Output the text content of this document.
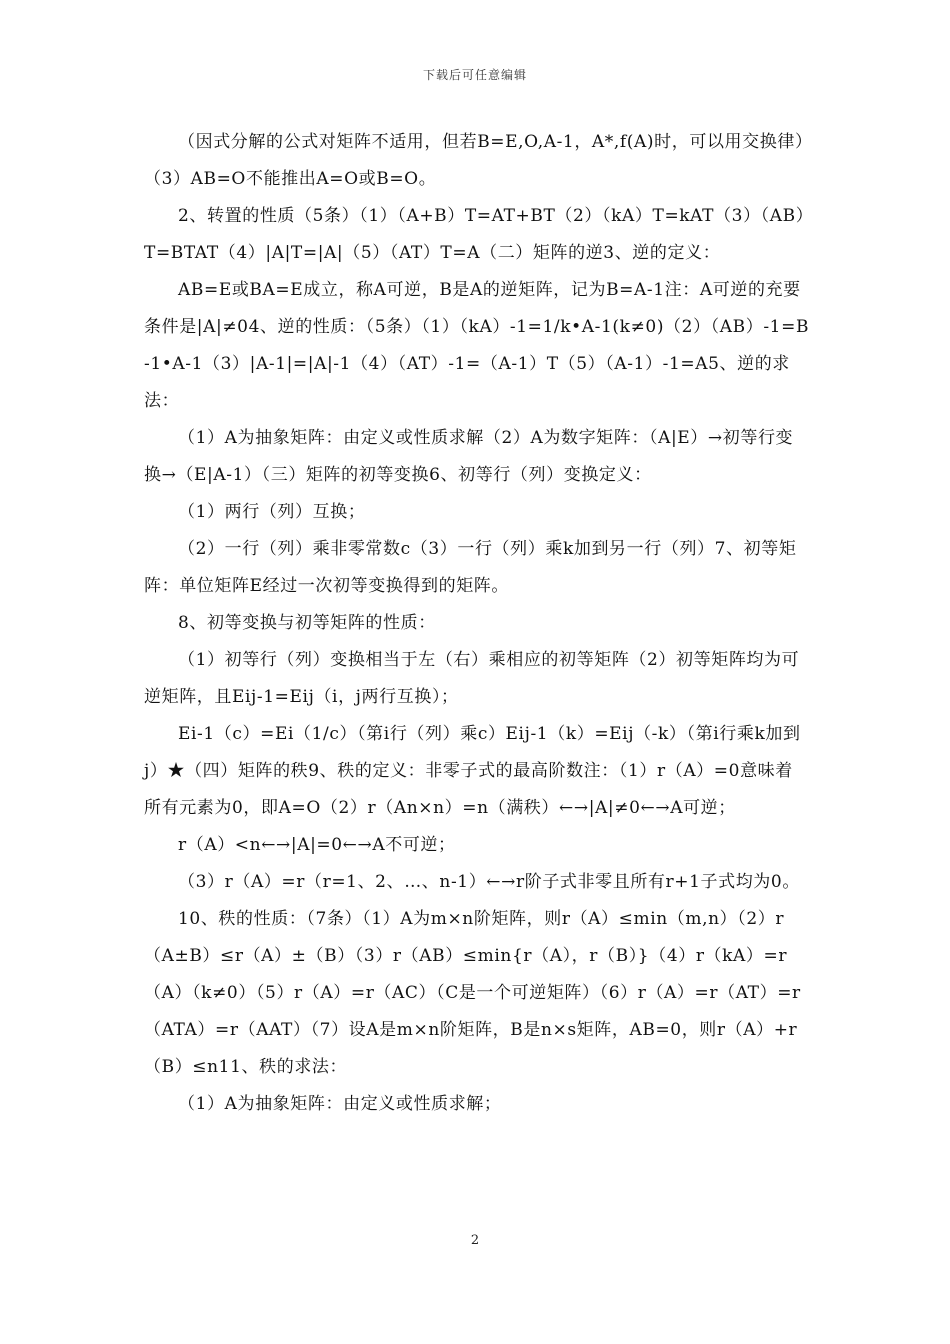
下载后可任意编辑

（因式分解的公式对矩阵不适用，但若B=E,O,A-1，A*,f(A)时，可以用交换律）（3）AB=O不能推出A=O或B=O。

2、转置的性质（5条）（1）（A+B）T=AT+BT（2）（kA）T=kAT（3）（AB）T=BTAT（4）|A|T=|A|（5）（AT）T=A（二）矩阵的逆3、逆的定义：

AB=E或BA=E成立，称A可逆，B是A的逆矩阵，记为B=A-1注：A可逆的充要条件是|A|≠04、逆的性质：（5条）（1）（kA）-1=1/k•A-1(k≠0)（2）（AB）-1=B-1•A-1（3）|A-1|=|A|-1（4）（AT）-1=（A-1）T（5）（A-1）-1=A5、逆的求法：

（1）A为抽象矩阵：由定义或性质求解（2）A为数字矩阵：（A|E）→初等行变换→（E|A-1）（三）矩阵的初等变换6、初等行（列）变换定义：

（1）两行（列）互换；

（2）一行（列）乘非零常数c（3）一行（列）乘k加到另一行（列）7、初等矩阵：单位矩阵E经过一次初等变换得到的矩阵。

8、初等变换与初等矩阵的性质：

（1）初等行（列）变换相当于左（右）乘相应的初等矩阵（2）初等矩阵均为可逆矩阵，且Eij-1=Eij（i，j两行互换）；

Ei-1（c）=Ei（1/c）（第i行（列）乘c）Eij-1（k）=Eij（-k）（第i行乘k加到j）★（四）矩阵的秩9、秩的定义：非零子式的最高阶数注：（1）r（A）=0意味着所有元素为0，即A=O（2）r（An×n）=n（满秩）←→|A|≠0←→A可逆；

r（A）<n←→|A|=0←→A不可逆；

（3）r（A）=r（r=1、2、…、n-1）←→r阶子式非零且所有r+1子式均为0。

10、秩的性质：（7条）（1）A为m×n阶矩阵，则r（A）≤min（m,n）（2）r（A±B）≤r（A）±（B）（3）r（AB）≤min{r（A），r（B）}（4）r（kA）=r（A）（k≠0）（5）r（A）=r（AC）（C是一个可逆矩阵）（6）r（A）=r（AT）=r（ATA）=r（AAT）（7）设A是m×n阶矩阵，B是n×s矩阵，AB=0，则r（A）+r（B）≤n11、秩的求法：

（1）A为抽象矩阵：由定义或性质求解；

2
